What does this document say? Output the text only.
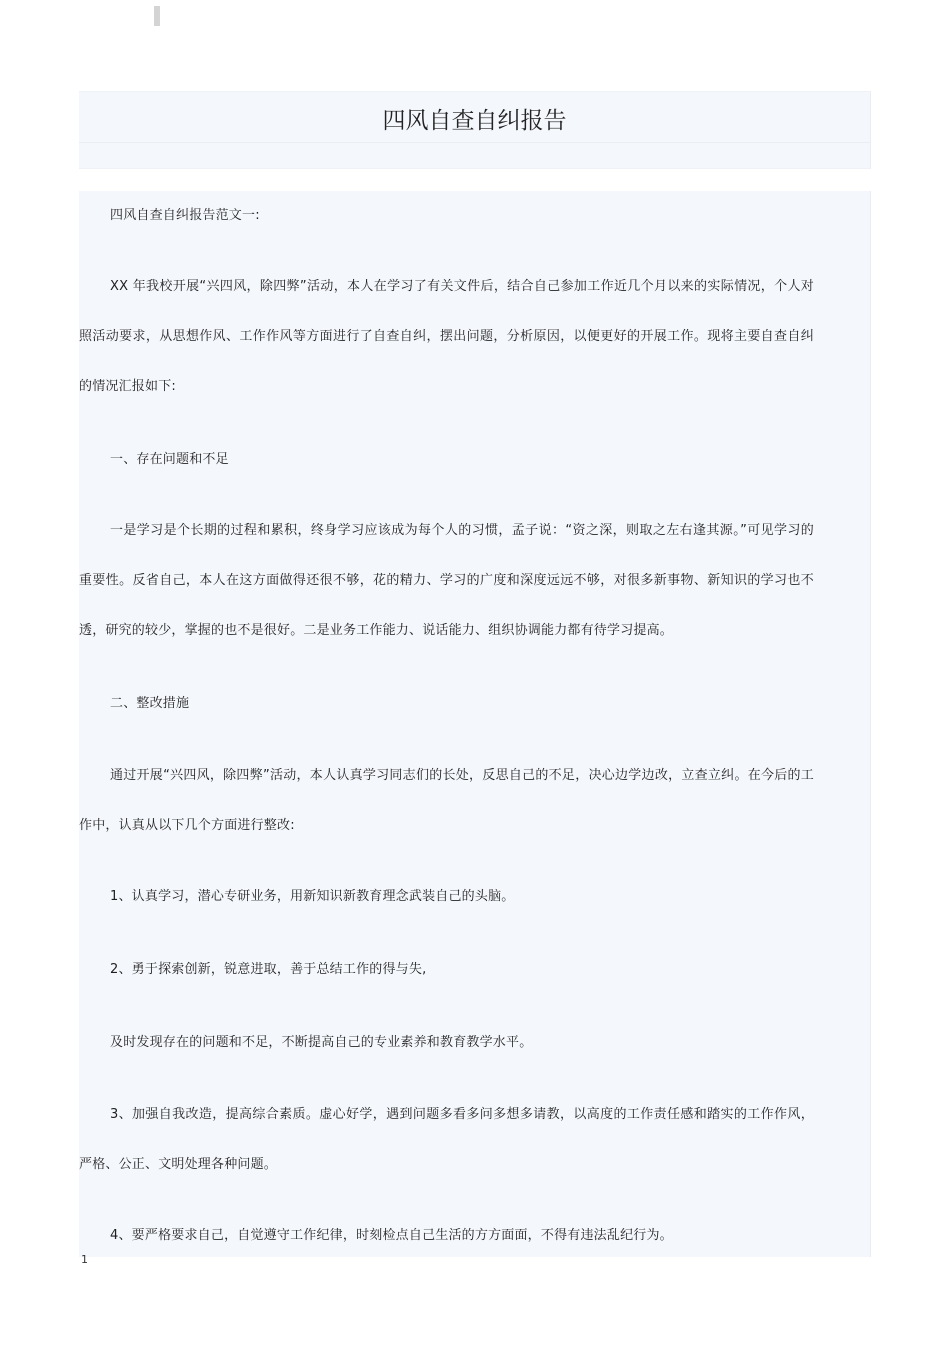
四风自查自纠报告

四风自查自纠报告范文一:

XX 年我校开展“兴四风，除四弊”活动，本人在学习了有关文件后，结合自己参加工作近几个月以来的实际情况，个人对照活动要求，从思想作风、工作作风等方面进行了自查自纠，摆出问题，分析原因，以便更好的开展工作。现将主要自查自纠的情况汇报如下:

一、存在问题和不足

一是学习是个长期的过程和累积，终身学习应该成为每个人的习惯，孟子说：“资之深，则取之左右逢其源。”可见学习的重要性。反省自己，本人在这方面做得还很不够，花的精力、学习的广度和深度远远不够，对很多新事物、新知识的学习也不透，研究的较少，掌握的也不是很好。二是业务工作能力、说话能力、组织协调能力都有待学习提高。

二、整改措施

通过开展“兴四风，除四弊”活动，本人认真学习同志们的长处，反思自己的不足，决心边学边改，立查立纠。在今后的工作中，认真从以下几个方面进行整改:

1、认真学习，潜心专研业务，用新知识新教育理念武装自己的头脑。

2、勇于探索创新，锐意进取，善于总结工作的得与失,

及时发现存在的问题和不足，不断提高自己的专业素养和教育教学水平。

3、加强自我改造，提高综合素质。虚心好学，遇到问题多看多问多想多请教，以高度的工作责任感和踏实的工作作风，严格、公正、文明处理各种问题。

4、要严格要求自己，自觉遵守工作纪律，时刻检点自己生活的方方面面，不得有违法乱纪行为。

1
